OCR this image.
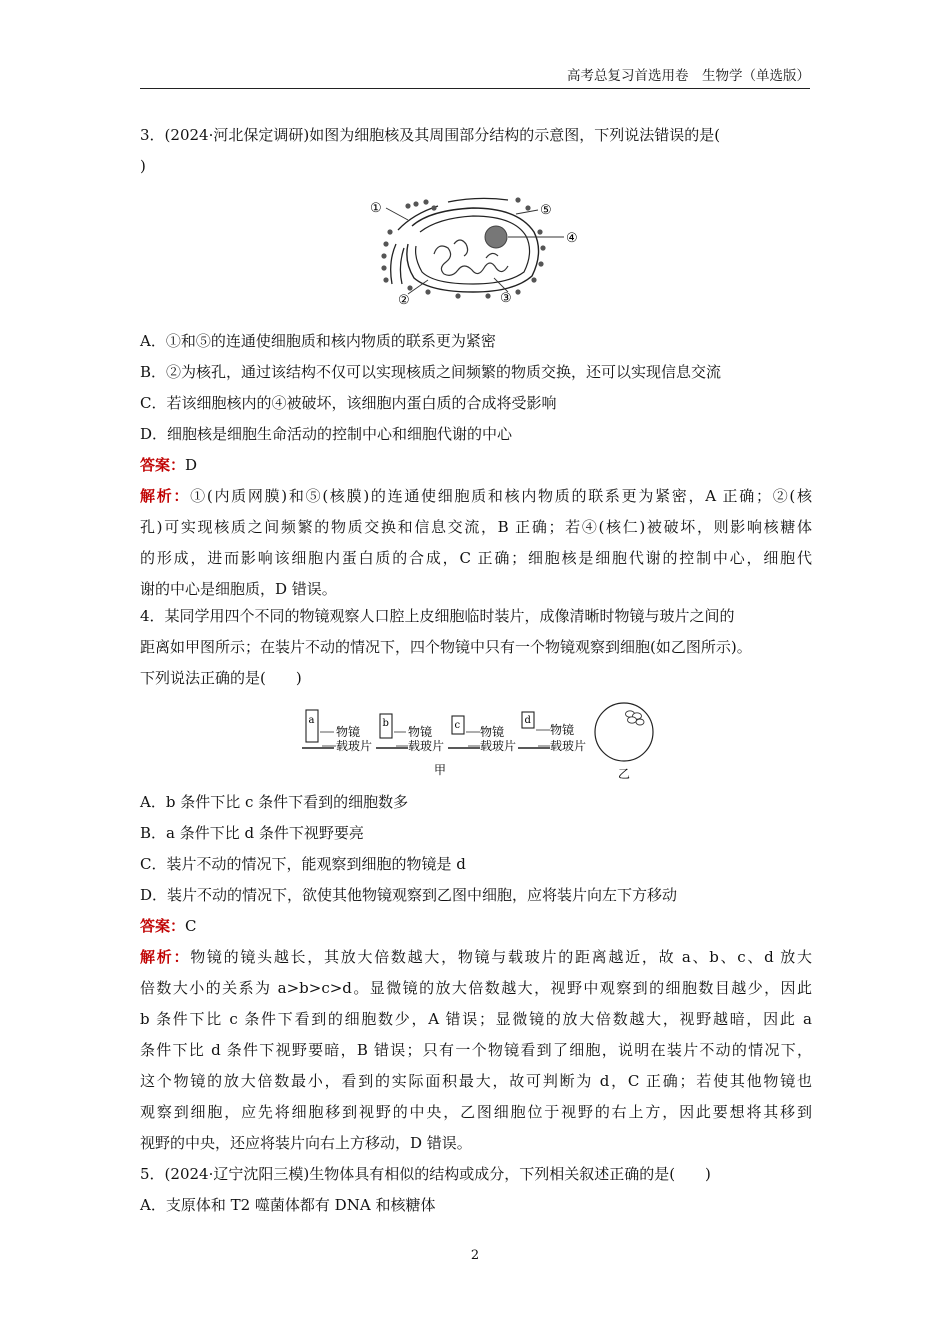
高考总复习首选用卷　生物学（单选版）
3．(2024·河北保定调研)如图为细胞核及其周围部分结构的示意图，下列说法错误的是(
)
①	⑤
④
②	③
A．①和⑤的连通使细胞质和核内物质的联系更为紧密
B．②为核孔，通过该结构不仅可以实现核质之间频繁的物质交换，还可以实现信息交流
C．若该细胞核内的④被破坏，该细胞内蛋白质的合成将受影响
D．细胞核是细胞生命活动的控制中心和细胞代谢的中心
答案：D
解析：①(内质网膜)和⑤(核膜)的连通使细胞质和核内物质的联系更为紧密，A 正确；②(核
孔)可实现核质之间频繁的物质交换和信息交流，B 正确；若④(核仁)被破坏，则影响核糖体
的形成，进而影响该细胞内蛋白质的合成，C 正确；细胞核是细胞代谢的控制中心，细胞代
谢的中心是细胞质，D 错误。
4．某同学用四个不同的物镜观察人口腔上皮细胞临时装片，成像清晰时物镜与玻片之间的
距离如甲图所示；在装片不动的情况下，四个物镜中只有一个物镜观察到细胞(如乙图所示)。
下列说法正确的是(　　)
a
物镜
载玻片
b
物镜
载玻片
c 物镜
载玻片
d
物镜
载玻片
甲	乙
A．b 条件下比 c 条件下看到的细胞数多
B．a 条件下比 d 条件下视野要亮
C．装片不动的情况下，能观察到细胞的物镜是 d
D．装片不动的情况下，欲使其他物镜观察到乙图中细胞，应将装片向左下方移动
答案：C
解析：物镜的镜头越长，其放大倍数越大，物镜与载玻片的距离越近，故 a、b、c、d 放大
倍数大小的关系为 a>b>c>d。显微镜的放大倍数越大，视野中观察到的细胞数目越少，因此
b 条件下比 c 条件下看到的细胞数少，A 错误；显微镜的放大倍数越大，视野越暗，因此 a
条件下比 d 条件下视野要暗，B 错误；只有一个物镜看到了细胞，说明在装片不动的情况下，
这个物镜的放大倍数最小，看到的实际面积最大，故可判断为 d，C 正确；若使其他物镜也
观察到细胞，应先将细胞移到视野的中央，乙图细胞位于视野的右上方，因此要想将其移到
视野的中央，还应将装片向右上方移动，D 错误。
5．(2024·辽宁沈阳三模)生物体具有相似的结构或成分，下列相关叙述正确的是(　　)
A．支原体和 T2 噬菌体都有 DNA 和核糖体
2
